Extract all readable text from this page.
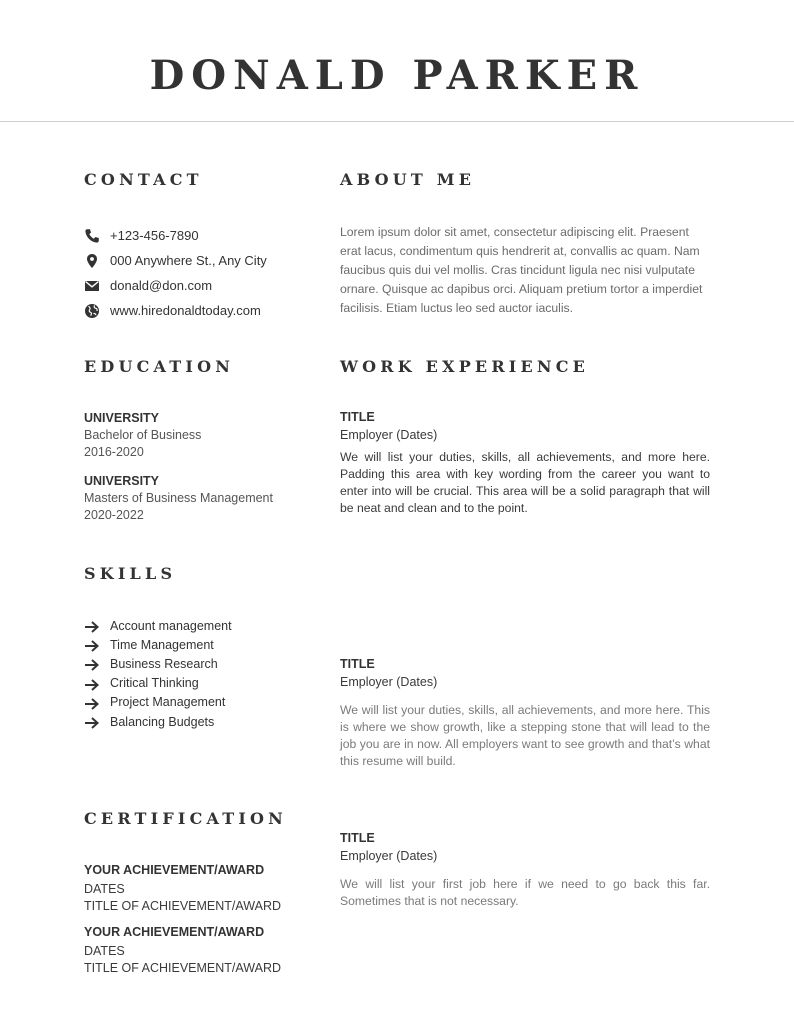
DONALD PARKER
CONTACT
+123-456-7890
000 Anywhere St., Any City
donald@don.com
www.hiredonaldtoday.com
ABOUT ME

Lorem ipsum dolor sit amet, consectetur adipiscing elit. Praesent erat lacus, condimentum quis hendrerit at, convallis ac quam. Nam faucibus quis dui vel mollis. Cras tincidunt ligula nec nisi vulputate ornare. Quisque ac dapibus orci. Aliquam pretium tortor a imperdiet facilisis. Etiam luctus leo sed auctor iaculis.

EDUCATION
UNIVERSITY
Bachelor of Business
2016-2020
UNIVERSITY
Masters of Business Management
2020-2022
WORK EXPERIENCE
TITLE
Employer (Dates)

We will list your duties, skills, all achievements, and more here. Padding this area with key wording from the career you want to enter into will be crucial. This area will be a solid paragraph that will be neat and clean and to the point.

TITLE
Employer (Dates)

We will list your duties, skills, all achievements, and more here. This is where we show growth, like a stepping stone that will lead to the job you are in now. All employers want to see growth and that’s what this resume will build.

TITLE
Employer (Dates)

We will list your first job here if we need to go back this far. Sometimes that is not necessary.

SKILLS
Account management
Time Management
Business Research
Critical Thinking
Project Management
Balancing Budgets
CERTIFICATION
YOUR ACHIEVEMENT/AWARD
DATES
TITLE OF ACHIEVEMENT/AWARD
YOUR ACHIEVEMENT/AWARD
DATES
TITLE OF ACHIEVEMENT/AWARD
